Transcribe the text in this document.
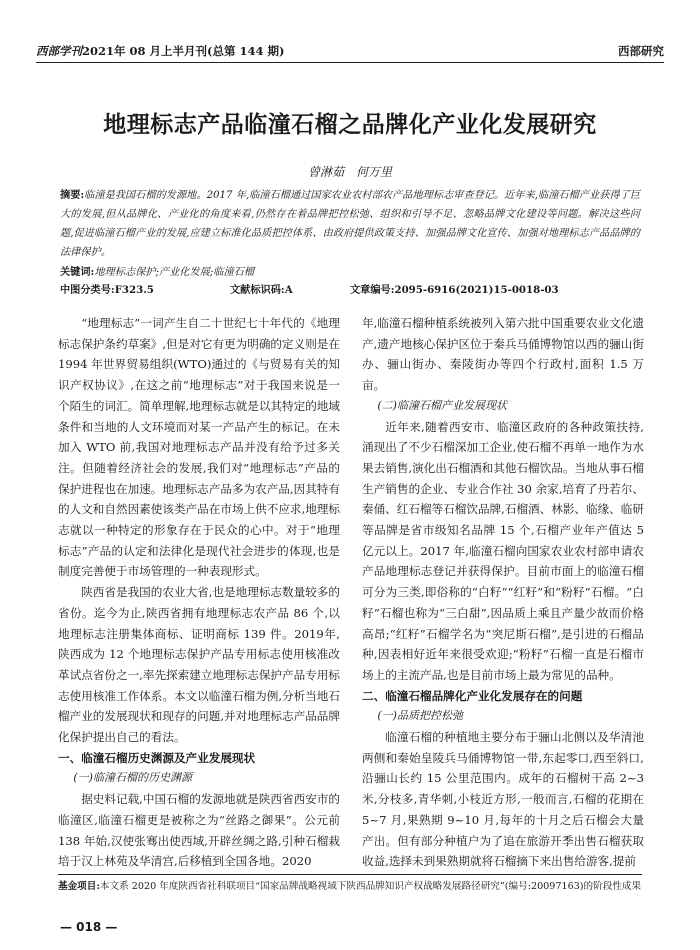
西部学刊2021年 08 月上半月刊(总第 144 期)	西部研究
地理标志产品临潼石榴之品牌化产业化发展研究
曾淋茹　何万里
摘要:临潼是我国石榴的发源地。2017 年,临潼石榴通过国家农业农村部农产品地理标志审查登记。近年来,临潼石榴产业获得了巨大的发展,但从品牌化、产业化的角度来看,仍然存在着品牌把控松弛、组织和引导不足、忽略品牌文化建设等问题。解决这些问题,促进临潼石榴产业的发展,应建立标准化品质把控体系、由政府提供政策支持、加强品牌文化宣传、加强对地理标志产品品牌的法律保护。
关键词:地理标志保护;产业化发展;临潼石榴
中图分类号:F323.5	文献标识码:A	文章编号:2095-6916(2021)15-0018-03

“地理标志”一词产生自二十世纪七十年代的《地理标志保护条约草案》,但是对它有更为明确的定义则是在1994 年世界贸易组织(WTO)通过的《与贸易有关的知识产权协议》,在这之前“地理标志”对于我国来说是一个陌生的词汇。简单理解,地理标志就是以其特定的地域条件和当地的人文环境而对某一产品产生的标记。在未加入 WTO 前,我国对地理标志产品并没有给予过多关注。但随着经济社会的发展,我们对“地理标志”产品的保护进程也在加速。地理标志产品多为农产品,因其特有的人文和自然因素使该类产品在市场上供不应求,地理标志就以一种特定的形象存在于民众的心中。对于“地理标志”产品的认定和法律化是现代社会进步的体现,也是制度完善便于市场管理的一种表现形式。

陕西省是我国的农业大省,也是地理标志数量较多的省份。迄今为止,陕西省拥有地理标志农产品 86 个,以地理标志注册集体商标、证明商标 139 件。2019年,陕西成为 12 个地理标志保护产品专用标志使用核准改革试点省份之一,率先探索建立地理标志保护产品专用标志使用核准工作体系。本文以临潼石榴为例,分析当地石榴产业的发展现状和现存的问题,并对地理标志产品品牌化保护提出自己的看法。

一、临潼石榴历史渊源及产业发展现状
(一)临潼石榴的历史渊源

据史料记载,中国石榴的发源地就是陕西省西安市的临潼区,临潼石榴更是被称之为“丝路之御果”。公元前 138 年始,汉使张骞出使西域,开辟丝绸之路,引种石榴栽培于汉上林苑及华清宫,后移植到全国各地。2020

年,临潼石榴种植系统被列入第六批中国重要农业文化遗产,遗产地核心保护区位于秦兵马俑博物馆以西的骊山街办、骊山街办、秦陵街办等四个行政村,面积 1.5 万亩。

(二)临潼石榴产业发展现状

近年来,随着西安市、临潼区政府的各种政策扶持,涌现出了不少石榴深加工企业,使石榴不再单一地作为水果去销售,演化出石榴酒和其他石榴饮品。当地从事石榴生产销售的企业、专业合作社 30 余家,培育了丹若尔、秦俑、红石榴等石榴饮品牌,石榴酒、林影、临缘、临研等品牌是省市级知名品牌 15 个,石榴产业年产值达 5 亿元以上。2017 年,临潼石榴向国家农业农村部申请农产品地理标志登记并获得保护。目前市面上的临潼石榴可分为三类,即俗称的“白籽”“红籽”和“粉籽”石榴。“白籽”石榴也称为“三白甜”,因品质上乘且产量少故而价格高昂;“红籽”石榴学名为“突尼斯石榴”,是引进的石榴品种,因表相好近年来很受欢迎;“粉籽”石榴一直是石榴市场上的主流产品,也是目前市场上最为常见的品种。

二、临潼石榴品牌化产业化发展存在的问题
(一)品质把控松弛

临潼石榴的种植地主要分布于骊山北侧以及华清池两侧和秦始皇陵兵马俑博物馆一带,东起零口,西至斜口,沿骊山长约 15 公里范围内。成年的石榴树干高 2~3 米,分枝多,青华刺,小枝近方形,一般而言,石榴的花期在 5~7 月,果熟期 9~10 月,每年的十月之后石榴会大量产出。但有部分种植户为了追在旅游开季出售石榴获取收益,选择未到果熟期就将石榴摘下来出售给游客,提前

基金项目:本文系 2020 年度陕西省社科联项目“国家品牌战略视域下陕西品牌知识产权战略发展路径研究”(编号:20097163)的阶段性成果
— 018 —
